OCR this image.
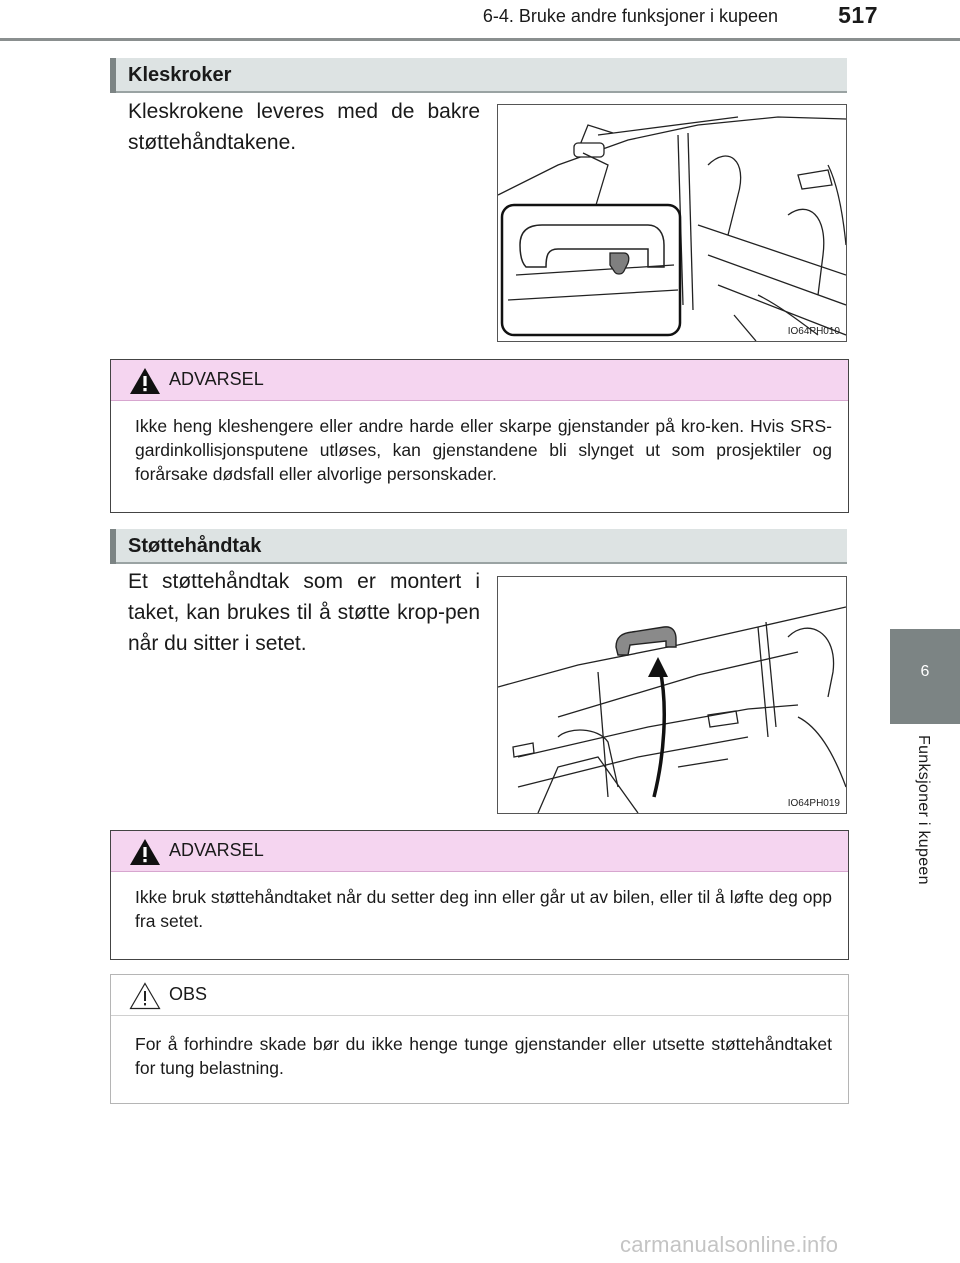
6-4. Bruke andre funksjoner i kupeen	517
6
Funksjoner i kupeen
Kleskroker
Kleskrokene leveres med de bakre støttehåndtakene.
IO64PH010
ADVARSEL
Ikke heng kleshengere eller andre harde eller skarpe gjenstander på kro-ken. Hvis SRS-gardinkollisjonsputene utløses, kan gjenstandene bli slynget ut som prosjektiler og forårsake dødsfall eller alvorlige personskader.
Støttehåndtak
Et støttehåndtak som er montert i taket, kan brukes til å støtte krop-pen når du sitter i setet.
IO64PH019
ADVARSEL
Ikke bruk støttehåndtaket når du setter deg inn eller går ut av bilen, eller til å løfte deg opp fra setet.
OBS
For å forhindre skade bør du ikke henge tunge gjenstander eller utsette støttehåndtaket for tung belastning.
carmanualsonline.info
